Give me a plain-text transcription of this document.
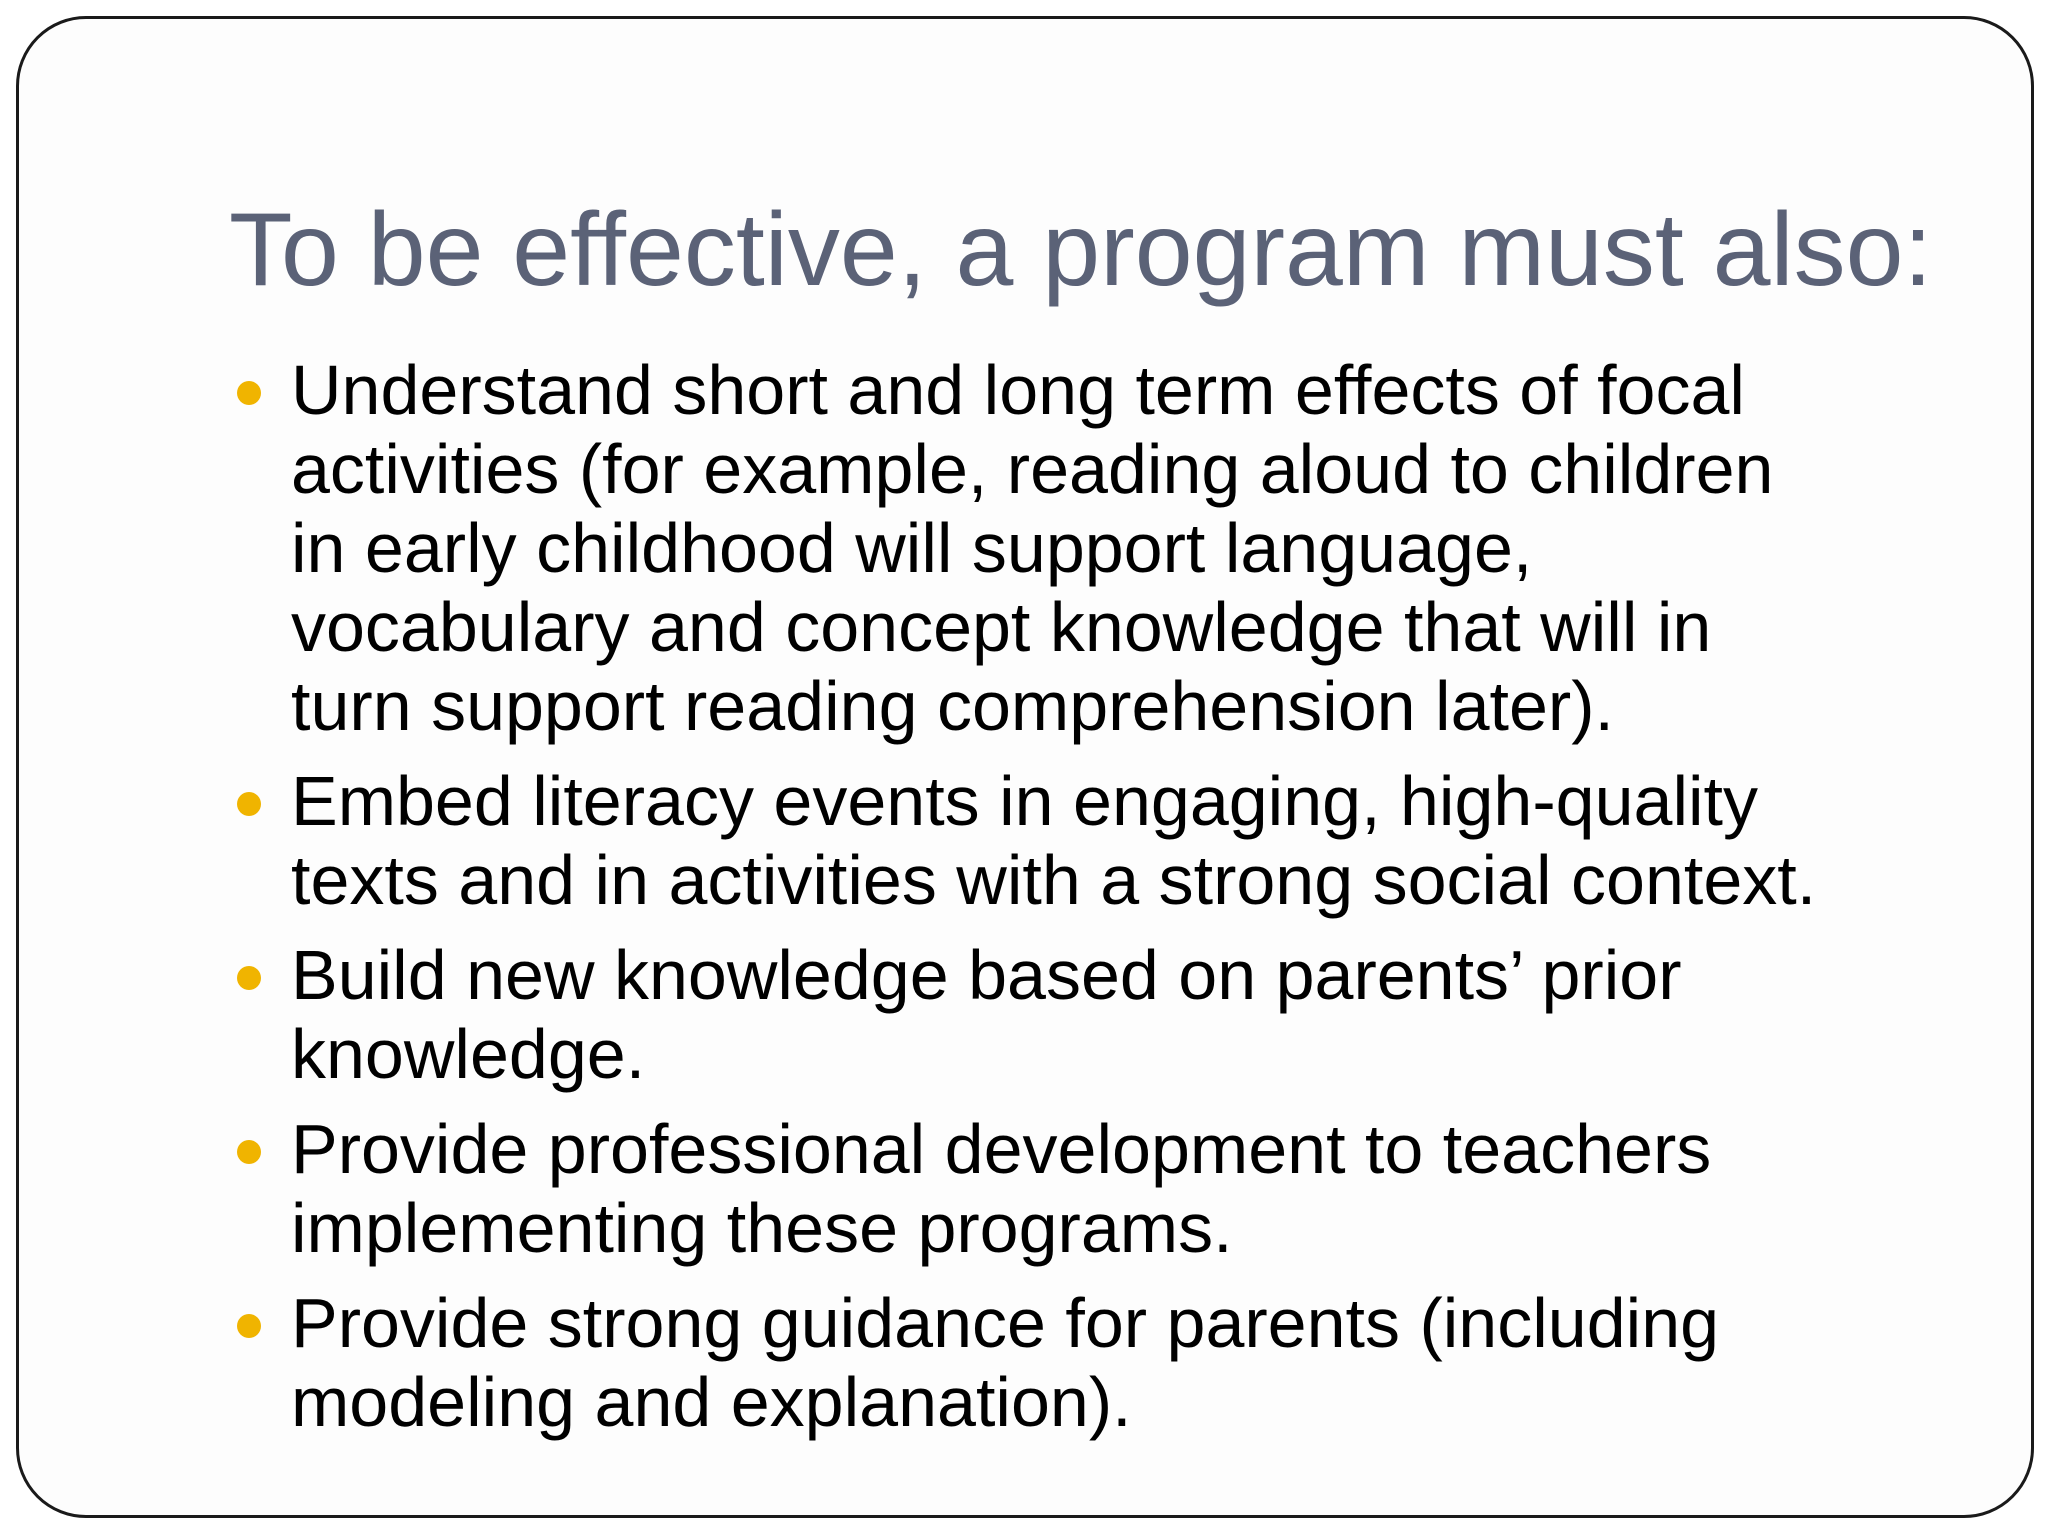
To be effective, a program must also:
Understand short and long term effects of focal
activities (for example, reading aloud to children
in early childhood will support language,
vocabulary and concept knowledge that will in
turn support reading comprehension later).
Embed literacy events in engaging, high-quality
texts and in activities with a strong social context.
Build new knowledge based on parents’ prior
knowledge.
Provide professional development to teachers
implementing these programs.
Provide strong guidance for parents (including
modeling and explanation).
